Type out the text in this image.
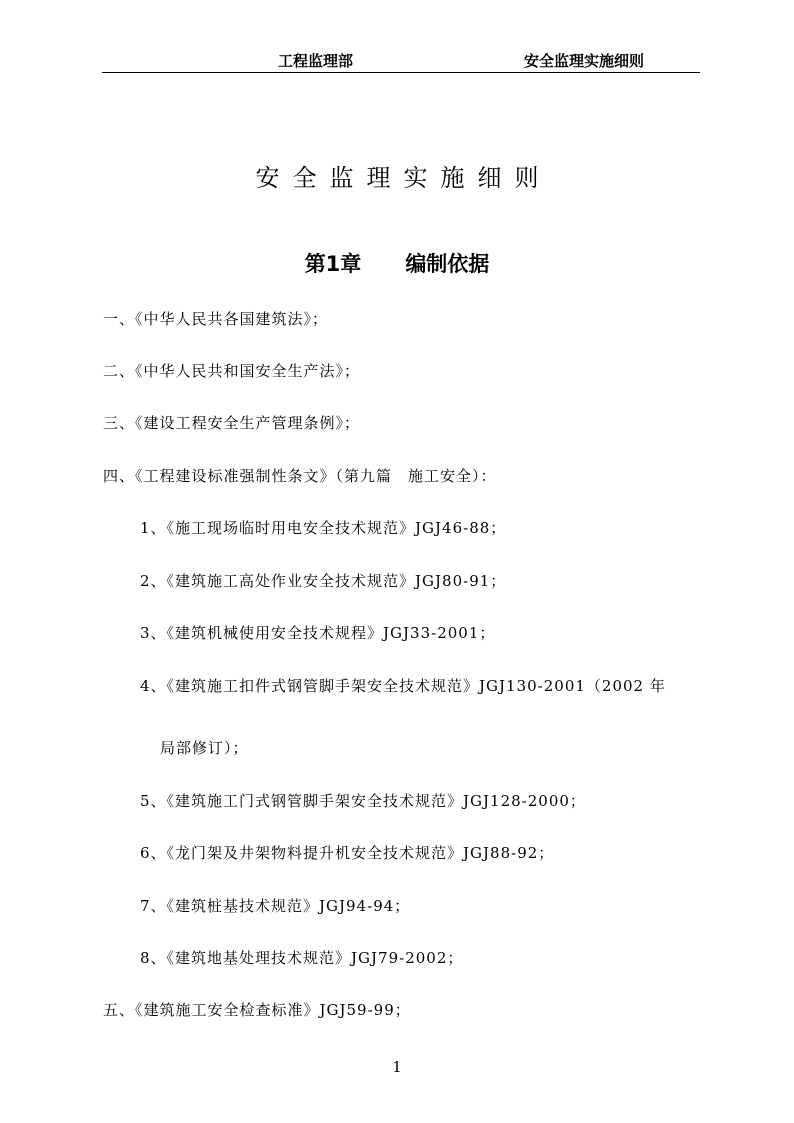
工程监理部	安全监理实施细则
安全监理实施细则
第1章 编制依据
一、《中华人民共各国建筑法》；
二、《中华人民共和国安全生产法》；
三、《建设工程安全生产管理条例》；
四、《工程建设标准强制性条文》（第九篇　施工安全）：
1、《施工现场临时用电安全技术规范》JGJ46-88；
2、《建筑施工高处作业安全技术规范》JGJ80-91；
3、《建筑机械使用安全技术规程》JGJ33-2001；
4、《建筑施工扣件式钢管脚手架安全技术规范》JGJ130-2001（2002 年
局部修订）；
5、《建筑施工门式钢管脚手架安全技术规范》JGJ128-2000；
6、《龙门架及井架物料提升机安全技术规范》JGJ88-92；
7、《建筑桩基技术规范》JGJ94-94；
8、《建筑地基处理技术规范》JGJ79-2002；
五、《建筑施工安全检查标准》JGJ59-99；
1
